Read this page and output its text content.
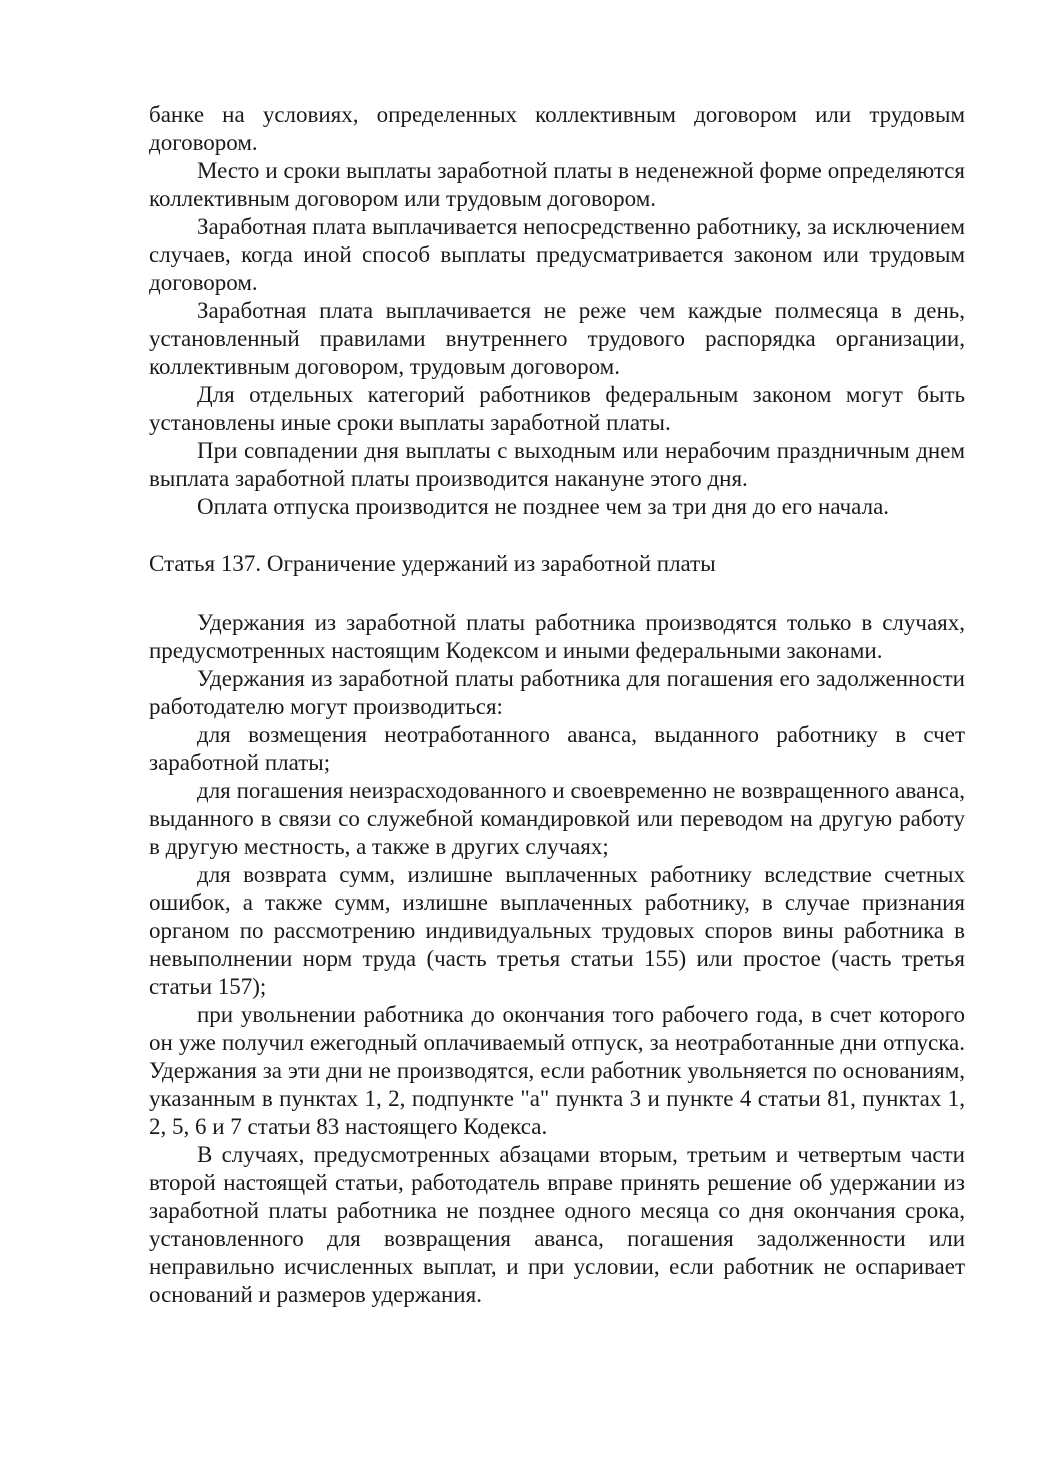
банке на условиях, определенных коллективным договором или трудовым договором.

Место и сроки выплаты заработной платы в неденежной форме определяются коллективным договором или трудовым договором.

Заработная плата выплачивается непосредственно работнику, за исключением случаев, когда иной способ выплаты предусматривается законом или трудовым договором.

Заработная плата выплачивается не реже чем каждые полмесяца в день, установленный правилами внутреннего трудового распорядка организации, коллективным договором, трудовым договором.

Для отдельных категорий работников федеральным законом могут быть установлены иные сроки выплаты заработной платы.

При совпадении дня выплаты с выходным или нерабочим праздничным днем выплата заработной платы производится накануне этого дня.

Оплата отпуска производится не позднее чем за три дня до его начала.

Статья 137. Ограничение удержаний из заработной платы

Удержания из заработной платы работника производятся только в случаях, предусмотренных настоящим Кодексом и иными федеральными законами.

Удержания из заработной платы работника для погашения его задолженности работодателю могут производиться:

для возмещения неотработанного аванса, выданного работнику в счет заработной платы;

для погашения неизрасходованного и своевременно не возвращенного аванса, выданного в связи со служебной командировкой или переводом на другую работу в другую местность, а также в других случаях;

для возврата сумм, излишне выплаченных работнику вследствие счетных ошибок, а также сумм, излишне выплаченных работнику, в случае признания органом по рассмотрению индивидуальных трудовых споров вины работника в невыполнении норм труда (часть третья статьи 155) или простое (часть третья статьи 157);

при увольнении работника до окончания того рабочего года, в счет которого он уже получил ежегодный оплачиваемый отпуск, за неотработанные дни отпуска. Удержания за эти дни не производятся, если работник увольняется по основаниям, указанным в пунктах 1, 2, подпункте "а" пункта 3 и пункте 4 статьи 81, пунктах 1, 2, 5, 6 и 7 статьи 83 настоящего Кодекса.

В случаях, предусмотренных абзацами вторым, третьим и четвертым части второй настоящей статьи, работодатель вправе принять решение об удержании из заработной платы работника не позднее одного месяца со дня окончания срока, установленного для возвращения аванса, погашения задолженности или неправильно исчисленных выплат, и при условии, если работник не оспаривает оснований и размеров удержания.
